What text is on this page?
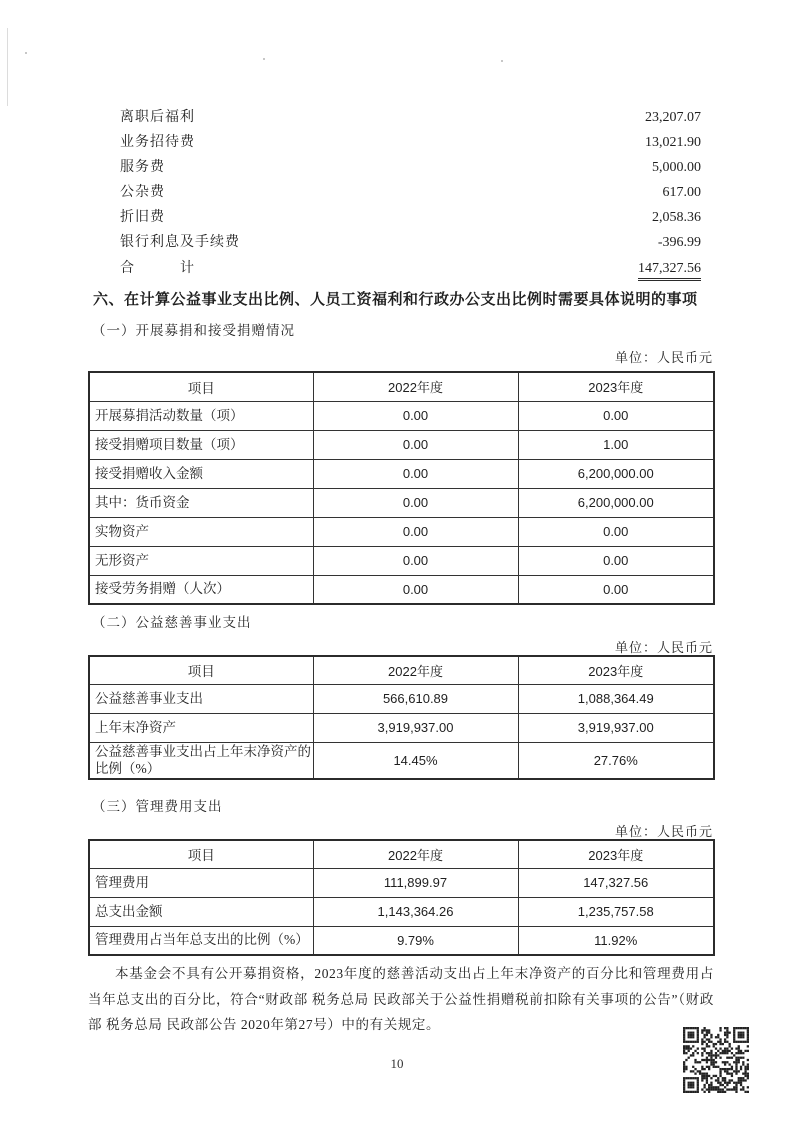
离职后福利	23,207.07
业务招待费	13,021.90
服务费	5,000.00
公杂费	617.00
折旧费	2,058.36
银行利息及手续费	-396.99
合　　　计	147,327.56
六、在计算公益事业支出比例、人员工资福利和行政办公支出比例时需要具体说明的事项
（一）开展募捐和接受捐赠情况
单位：人民币元
项目	2022年度	2023年度
开展募捐活动数量（项）	0.00	0.00
接受捐赠项目数量（项）	0.00	1.00
接受捐赠收入金额	0.00	6,200,000.00
其中：货币资金	0.00	6,200,000.00
实物资产	0.00	0.00
无形资产	0.00	0.00
接受劳务捐赠（人次）	0.00	0.00
（二）公益慈善事业支出
单位：人民币元
项目	2022年度	2023年度
公益慈善事业支出	566,610.89	1,088,364.49
上年末净资产	3,919,937.00	3,919,937.00
公益慈善事业支出占上年末净资产的比例（%）	14.45%	27.76%
（三）管理费用支出
单位：人民币元
项目	2022年度	2023年度
管理费用	111,899.97	147,327.56
总支出金额	1,143,364.26	1,235,757.58
管理费用占当年总支出的比例（%）	9.79%	11.92%
本基金会不具有公开募捐资格，2023年度的慈善活动支出占上年末净资产的百分比和管理费用占当年总支出的百分比，符合“财政部 税务总局 民政部关于公益性捐赠税前扣除有关事项的公告”（财政部 税务总局 民政部公告 2020年第27号）中的有关规定。
10
